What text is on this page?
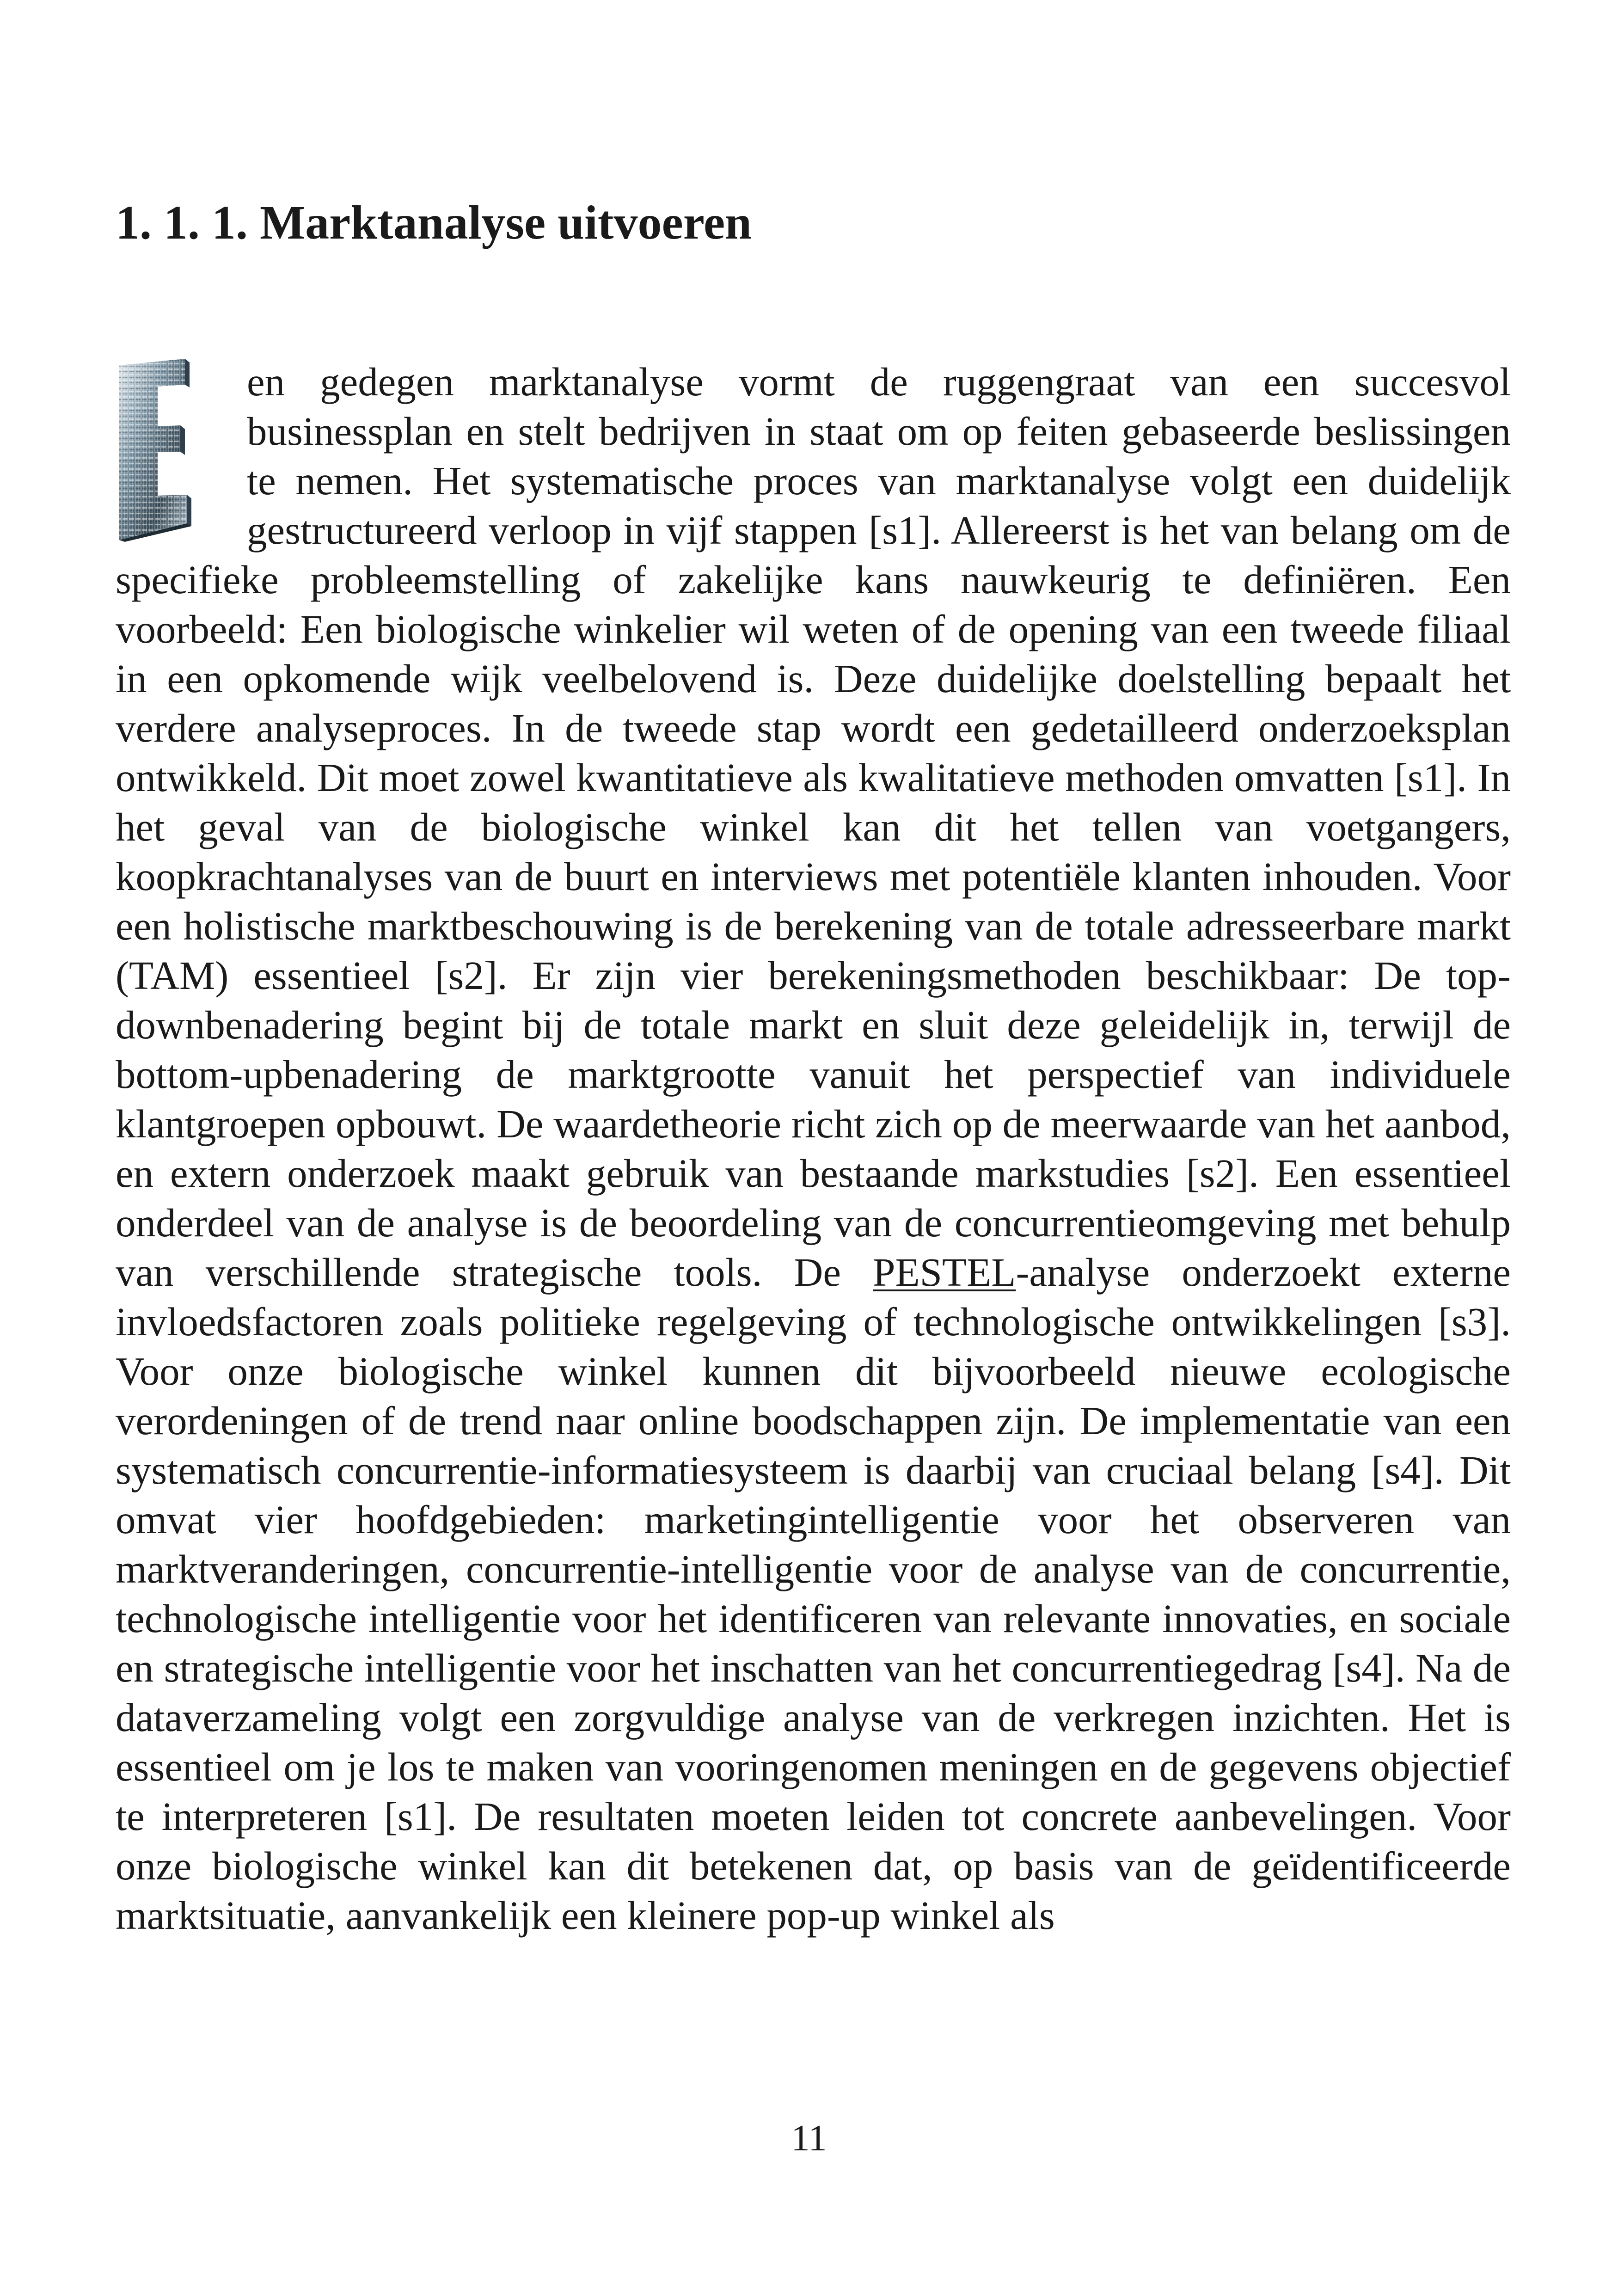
1. 1. 1. Marktanalyse uitvoeren

en gedegen marktanalyse vormt de ruggengraat van een succesvol businessplan en stelt bedrijven in staat om op feiten gebaseerde beslissingen te nemen. Het systematische proces van marktanalyse volgt een duidelijk gestructureerd verloop in vijf stappen [s1]. Allereerst is het van belang om de specifieke probleemstelling of zakelijke kans nauwkeurig te definiëren. Een voorbeeld: Een biologische winkelier wil weten of de opening van een tweede filiaal in een opkomende wijk veelbelovend is. Deze duidelijke doelstelling bepaalt het verdere analyseproces. In de tweede stap wordt een gedetailleerd onderzoeksplan ontwikkeld. Dit moet zowel kwantitatieve als kwalitatieve methoden omvatten [s1]. In het geval van de biologische winkel kan dit het tellen van voetgangers, koopkrachtanalyses van de buurt en interviews met potentiële klanten inhouden. Voor een holistische marktbeschouwing is de berekening van de totale adresseerbare markt (TAM) essentieel [s2]. Er zijn vier berekeningsmethoden beschikbaar: De top-downbenadering begint bij de totale markt en sluit deze geleidelijk in, terwijl de bottom-upbenadering de marktgrootte vanuit het perspectief van individuele klantgroepen opbouwt. De waardetheorie richt zich op de meerwaarde van het aanbod, en extern onderzoek maakt gebruik van bestaande markstudies [s2]. Een essentieel onderdeel van de analyse is de beoordeling van de concurrentieomgeving met behulp van verschillende strategische tools. De PESTEL-analyse onderzoekt externe invloedsfactoren zoals politieke regelgeving of technologische ontwikkelingen [s3]. Voor onze biologische winkel kunnen dit bijvoorbeeld nieuwe ecologische verordeningen of de trend naar online boodschappen zijn. De implementatie van een systematisch concurrentie-informatiesysteem is daarbij van cruciaal belang [s4]. Dit omvat vier hoofdgebieden: marketingintelligentie voor het observeren van marktveranderingen, concurrentie-intelligentie voor de analyse van de concurrentie, technologische intelligentie voor het identificeren van relevante innovaties, en sociale en strategische intelligentie voor het inschatten van het concurrentiegedrag [s4]. Na de dataverzameling volgt een zorgvuldige analyse van de verkregen inzichten. Het is essentieel om je los te maken van vooringenomen meningen en de gegevens objectief te interpreteren [s1]. De resultaten moeten leiden tot concrete aanbevelingen. Voor onze biologische winkel kan dit betekenen dat, op basis van de geïdentificeerde marktsituatie, aanvankelijk een kleinere pop-up winkel als

11
